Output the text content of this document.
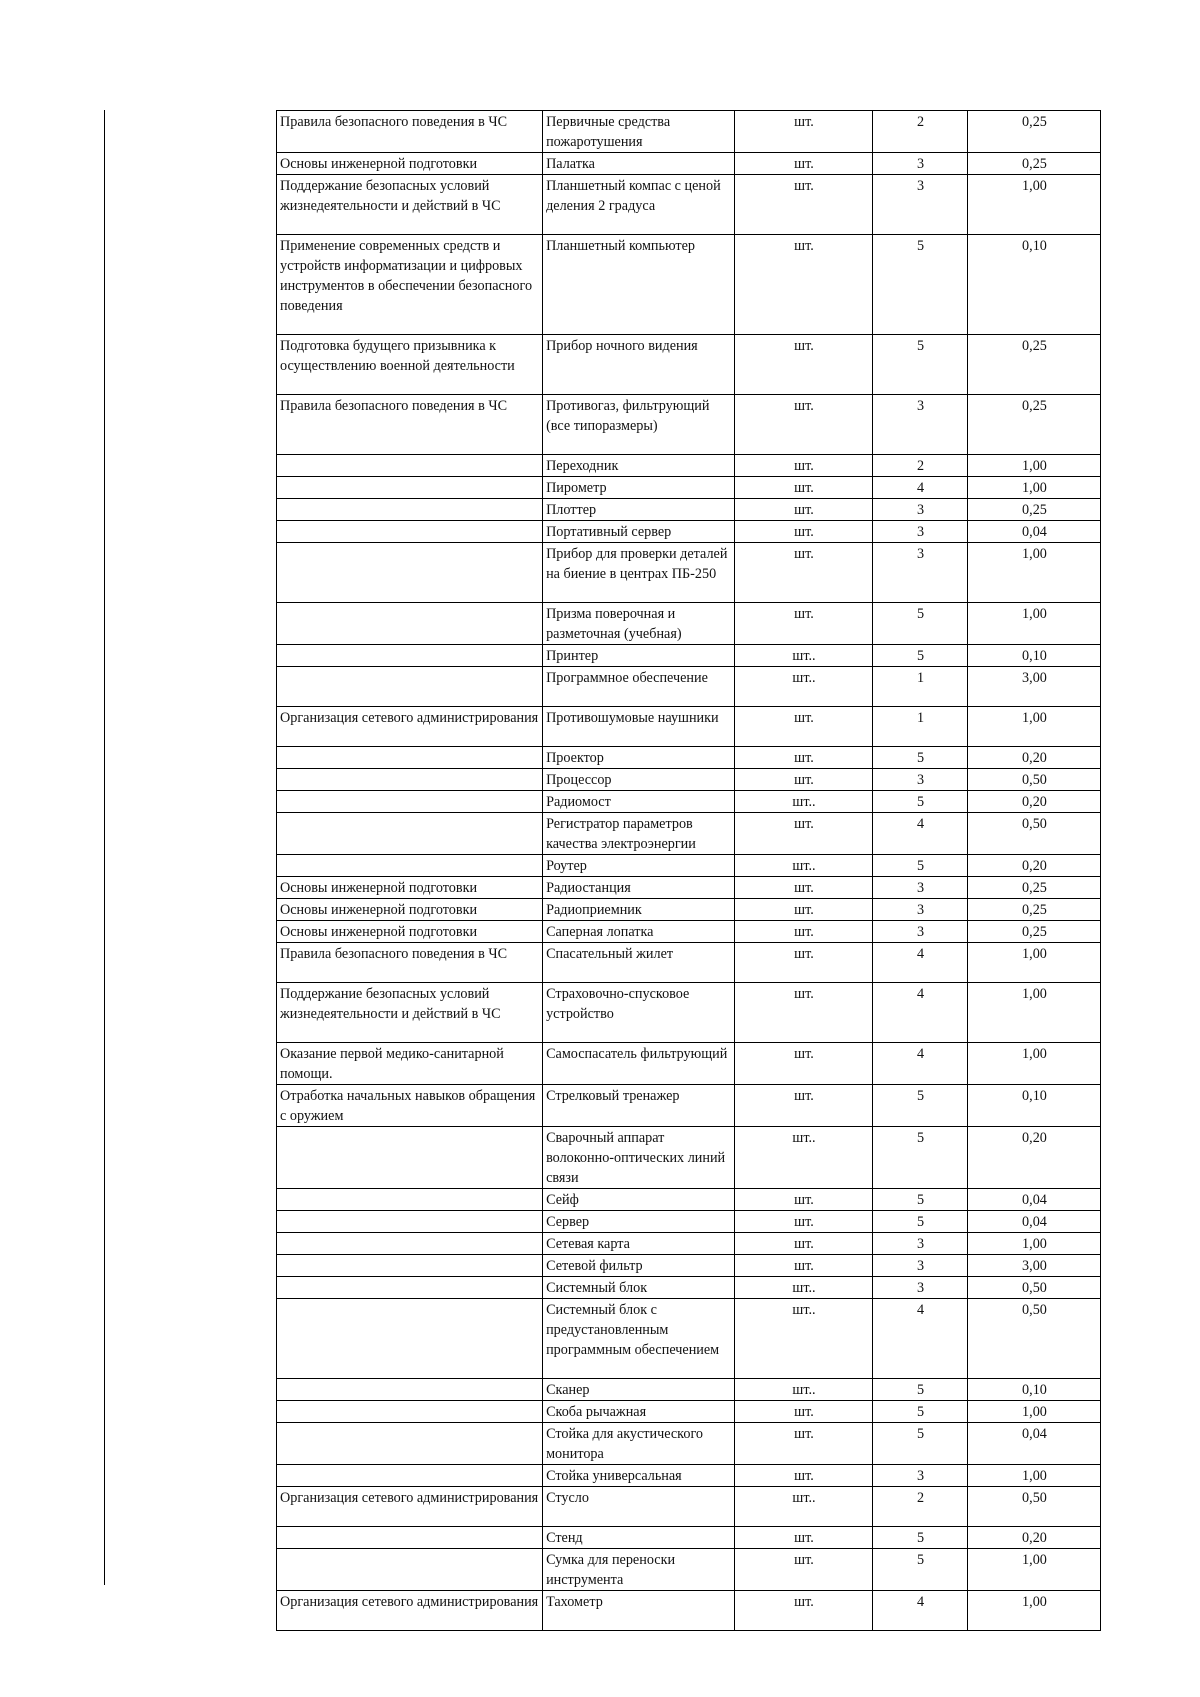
Правила безопасного поведения в ЧС	Первичные средства пожаротушения	шт.	2	0,25
Основы инженерной подготовки	Палатка	шт.	3	0,25
Поддержание безопасных условий жизнедеятельности и действий в ЧС	Планшетный компас с ценой деления 2 градуса	шт.	3	1,00
Применение современных средств и устройств информатизации и цифровых инструментов в обеспечении безопасного поведения	Планшетный компьютер	шт.	5	0,10
Подготовка будущего призывника к осуществлению военной деятельности	Прибор ночного видения	шт.	5	0,25
Правила безопасного поведения в ЧС	Противогаз, фильтрующий (все типоразмеры)	шт.	3	0,25
	Переходник	шт.	2	1,00
	Пирометр	шт.	4	1,00
	Плоттер	шт.	3	0,25
	Портативный сервер	шт.	3	0,04
	Прибор для проверки деталей на биение в центрах ПБ-250	шт.	3	1,00
	Призма поверочная и разметочная (учебная)	шт.	5	1,00
	Принтер	шт..	5	0,10
	Программное обеспечение	шт..	1	3,00
Организация сетевого администрирования	Противошумовые наушники	шт.	1	1,00
	Проектор	шт.	5	0,20
	Процессор	шт.	3	0,50
	Радиомост	шт..	5	0,20
	Регистратор параметров качества электроэнергии	шт.	4	0,50
	Роутер	шт..	5	0,20
Основы инженерной подготовки	Радиостанция	шт.	3	0,25
Основы инженерной подготовки	Радиоприемник	шт.	3	0,25
Основы инженерной подготовки	Саперная лопатка	шт.	3	0,25
Правила безопасного поведения в ЧС	Спасательный жилет	шт.	4	1,00
Поддержание безопасных условий жизнедеятельности и действий в ЧС	Страховочно-спусковое устройство	шт.	4	1,00
Оказание первой медико-санитарной помощи.	Самоспасатель фильтрующий	шт.	4	1,00
Отработка начальных навыков обращения с оружием	Стрелковый тренажер	шт.	5	0,10
	Сварочный аппарат волоконно-оптических линий связи	шт..	5	0,20
	Сейф	шт.	5	0,04
	Сервер	шт.	5	0,04
	Сетевая карта	шт.	3	1,00
	Сетевой фильтр	шт.	3	3,00
	Системный блок	шт..	3	0,50
	Системный блок с предустановленным программным обеспечением	шт..	4	0,50
	Сканер	шт..	5	0,10
	Скоба рычажная	шт.	5	1,00
	Стойка для акустического монитора	шт.	5	0,04
	Стойка универсальная	шт.	3	1,00
Организация сетевого администрирования	Стусло	шт..	2	0,50
	Стенд	шт.	5	0,20
	Сумка для переноски инструмента	шт.	5	1,00
Организация сетевого администрирования	Тахометр	шт.	4	1,00
